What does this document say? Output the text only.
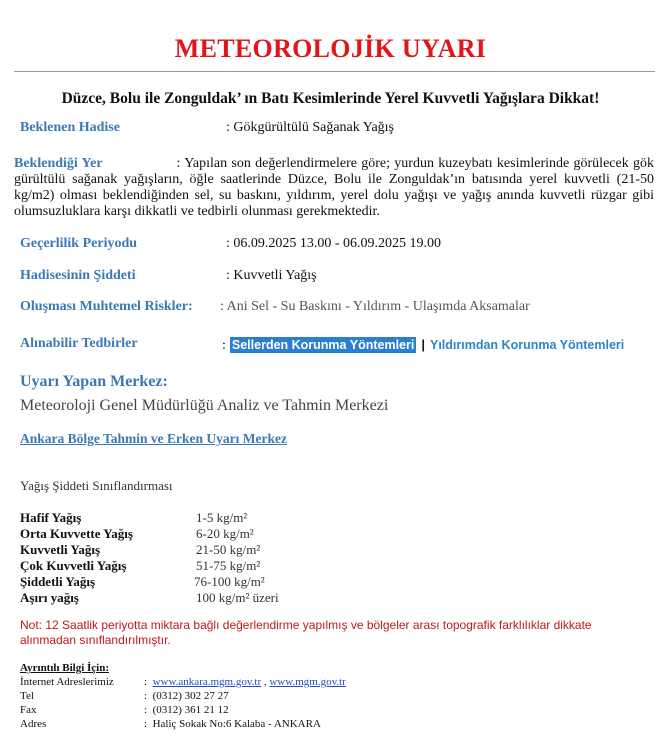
METEOROLOJİK UYARI
Düzce, Bolu ile Zonguldak’ ın Batı Kesimlerinde Yerel Kuvvetli Yağışlara Dikkat!
Beklenen Hadise	: Gökgürültülü Sağanak Yağış
Beklendiği Yer	: Yapılan son değerlendirmelere göre; yurdun kuzeybatı kesimlerinde görülecek gök gürültülü sağanak yağışların, öğle saatlerinde Düzce, Bolu ile Zonguldak’ın batısında yerel kuvvetli (21-50 kg/m2) olması beklendiğinden sel, su baskını, yıldırım, yerel dolu yağışı ve yağış anında kuvvetli rüzgar gibi olumsuzluklara karşı dikkatli ve tedbirli olunması gerekmektedir.
Geçerlilik Periyodu	: 06.09.2025 13.00 - 06.09.2025 19.00
Hadisesinin Şiddeti	: Kuvvetli Yağış
Oluşması Muhtemel Riskler: : Ani Sel - Su Baskını - Yıldırım - Ulaşımda Aksamalar
Alınabilir Tedbirler	: Sellerden Korunma Yöntemleri | Yıldırımdan Korunma Yöntemleri
Uyarı Yapan Merkez:
Meteoroloji Genel Müdürlüğü Analiz ve Tahmin Merkezi
Ankara Bölge Tahmin ve Erken Uyarı Merkez
Yağış Şiddeti Sınıflandırması
Hafif Yağış	1-5 kg/m²
Orta Kuvvette Yağış	6-20 kg/m²
Kuvvetli Yağış	21-50 kg/m²
Çok Kuvvetli Yağış	51-75 kg/m²
Şiddetli Yağış	76-100 kg/m²
Aşırı yağış	100 kg/m² üzeri
Not: 12 Saatlik periyotta miktara bağlı değerlendirme yapılmış ve bölgeler arası topografik farklılıklar dikkate alınmadan sınıflandırılmıştır.
Ayrıntılı Bilgi İçin:
İnternet Adreslerimiz	: www.ankara.mgm.gov.tr , www.mgm.gov.tr
Tel	: (0312) 302 27 27
Fax	: (0312) 361 21 12
Adres	: Haliç Sokak No:6 Kalaba - ANKARA
